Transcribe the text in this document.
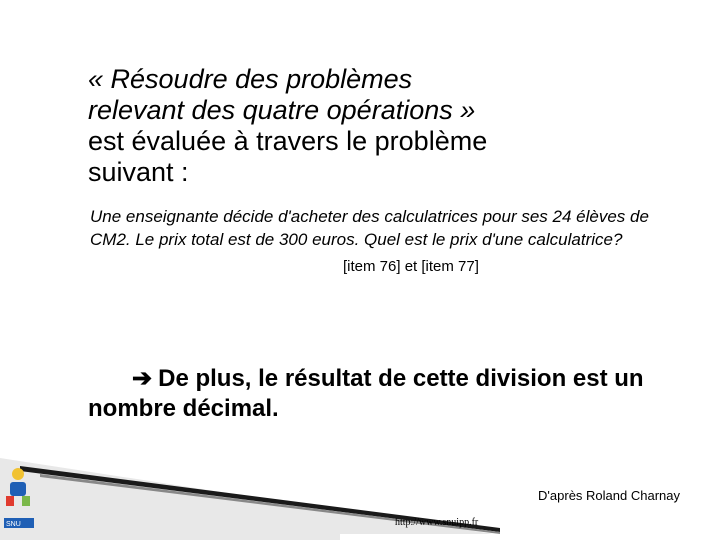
SNU
« Résoudre des problèmes
relevant des quatre opérations »
est évaluée à travers le problème
suivant :
Une enseignante décide d'acheter des calculatrices pour ses 24 élèves de CM2. Le prix total est de 300 euros. Quel est le prix d'une calculatrice?
[item 76] et [item 77]
➔ De plus, le résultat de cette division est un nombre décimal.
D'après Roland Charnay
http://www.snuipp.fr
